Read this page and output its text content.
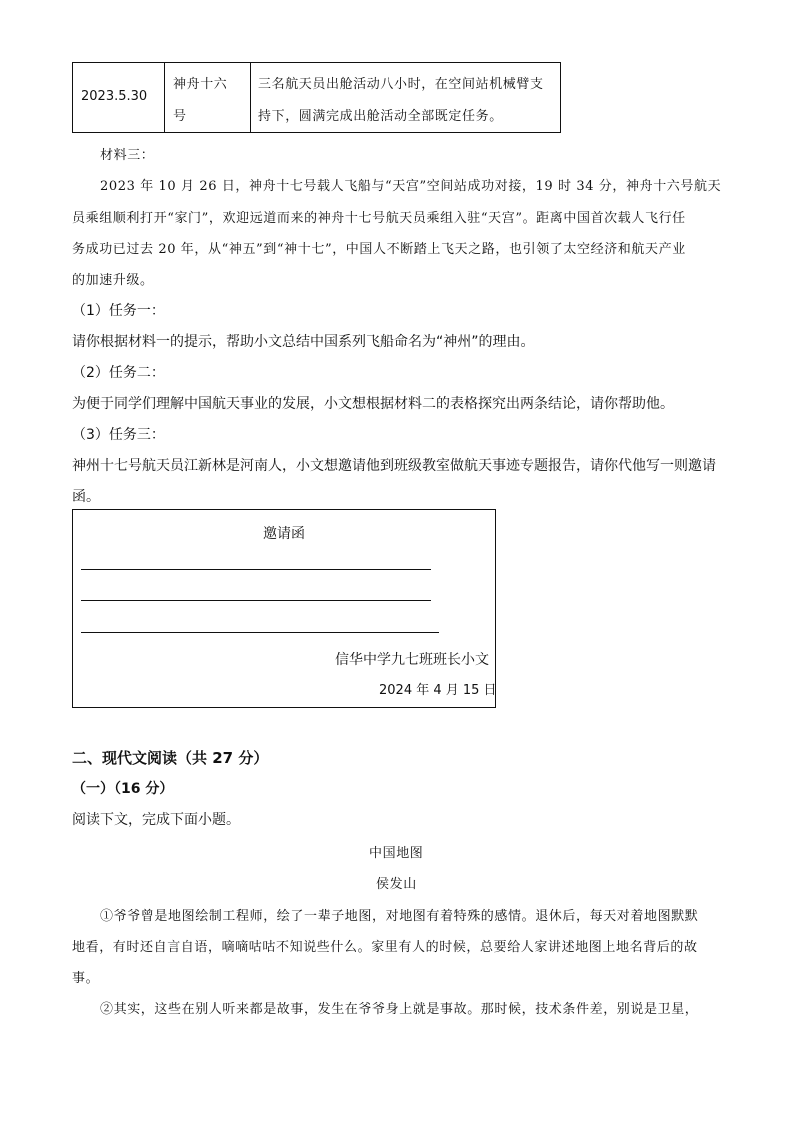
2023.5.30

神舟十六

号

三名航天员出舱活动八小时，在空间站机械臂支

持下，圆满完成出舱活动全部既定任务。

材料三：

2023 年 10 月 26 日，神舟十七号载人飞船与“天宫”空间站成功对接，19 时 34 分，神舟十六号航天

员乘组顺利打开“家门”，欢迎远道而来的神舟十七号航天员乘组入驻“天宫”。距离中国首次载人飞行任

务成功已过去 20 年，从“神五”到“神十七”，中国人不断踏上飞天之路，也引领了太空经济和航天产业

的加速升级。

（1）任务一：

请你根据材料一的提示，帮助小文总结中国系列飞船命名为“神州”的理由。

（2）任务二：

为便于同学们理解中国航天事业的发展，小文想根据材料二的表格探究出两条结论，请你帮助他。

（3）任务三：

神州十七号航天员江新林是河南人，小文想邀请他到班级教室做航天事迹专题报告，请你代他写一则邀请

函。

邀请函

信华中学九七班班长小文

2024 年 4 月 15 日

二、现代文阅读（共 27 分）

（一）（16 分）

阅读下文，完成下面小题。

中国地图

侯发山

①爷爷曾是地图绘制工程师，绘了一辈子地图，对地图有着特殊的感情。退休后，每天对着地图默默

地看，有时还自言自语，嘀嘀咕咕不知说些什么。家里有人的时候，总要给人家讲述地图上地名背后的故

事。

②其实，这些在别人听来都是故事，发生在爷爷身上就是事故。那时候，技术条件差，别说是卫星，
